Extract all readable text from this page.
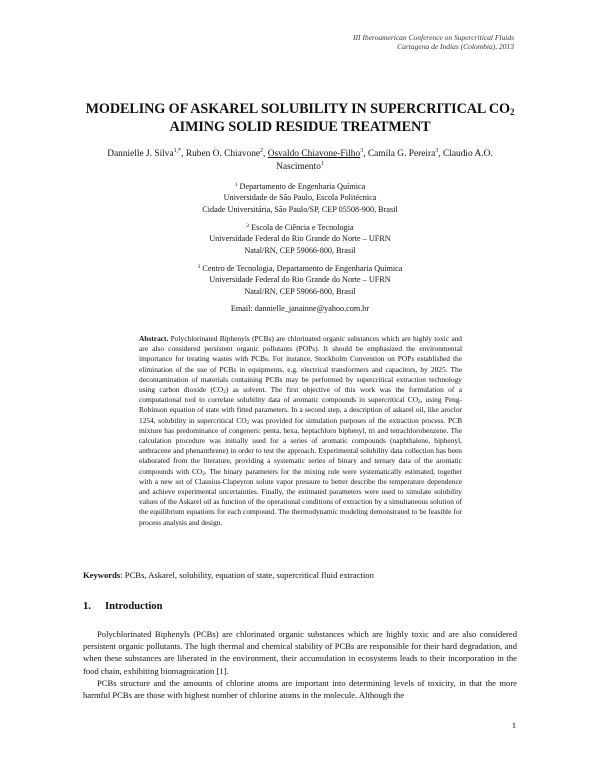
III Iberoamerican Conference on Supercritical Fluids
Cartagena de Indias (Colombia), 2013
MODELING OF ASKAREL SOLUBILITY IN SUPERCRITICAL $CO_2$
AIMING SOLID RESIDUE TREATMENT
Dannielle J. Silva$^{1,*}$, Ruben O. Chiavone$^2$, Osvaldo Chiavone-Filho$^3$, Camila G. Pereira$^3$, Claudio A.O.
Nascimento$^1$
$^1$ Departamento de Engenharia Química
Universidade de São Paulo, Escola Politécnica
Cidade Universitária, São Paulo/SP, CEP 05508-900, Brasil
$^2$ Escola de Ciência e Tecnologia
Universidade Federal do Rio Grande do Norte – UFRN
Natal/RN, CEP 59066-800, Brasil
$^3$ Centro de Tecnologia, Departamento de Engenharia Química
Universidade Federal do Rio Grande do Norte – UFRN
Natal/RN, CEP 59066-800, Brasil
Email: dannielle_janainne@yahoo.com.br
Abstract. Polychlorinated Biphenyls (PCBs) are chlorinated organic substances which are highly toxic and are also considered persistent organic pollutants (POPs). It should be emphasized the environmental importance for treating wastes with PCBs. For instance, Stockholm Convention on POPs established the elimination of the use of PCBs in equipments, e.g. electrical transformers and capacitors, by 2025. The decontamination of materials containing PCBs may be performed by supercritical extraction technology using carbon dioxide $(CO_2)$ as solvent. The first objective of this work was the formulation of a computational tool to correlate solubility data of aromatic compounds in supercritical $CO_2$, using Peng-Robinson equation of state with fitted parameters. In a second step, a description of askarel oil, like aroclor 1254, solubility in supercritical $CO_2$ was provided for simulation purposes of the extraction process. PCB mixture has predominance of congeners: penta, hexa, heptachloro biphenyl, tri and tetrachlorobenzene. The calculation procedure was initially used for a series of aromatic compounds (naphthalene, biphenyl, anthracene and phenanthrene) in order to test the approach. Experimental solubility data collection has been elaborated from the literature, providing a systematic series of binary and ternary data of the aromatic compounds with $CO_2$. The binary parameters for the mixing rule were systematically estimated, together with a new set of Clausius-Clapeyron solute vapor pressure to better describe the temperature dependence and achieve experimental uncertainties. Finally, the estimated parameters were used to simulate solubility values of the Askarel oil as function of the operational conditions of extraction by a simultaneous solution of the equilibrium equations for each compound. The thermodynamic modeling demonstrated to be feasible for process analysis and design.
Keywords: PCBs, Askarel, solubility, equation of state, supercritical fluid extraction
1. Introduction

Polychlorinated Biphenyls (PCBs) are chlorinated organic substances which are highly toxic and are also considered persistent organic pollutants. The high thermal and chemical stability of PCBs are responsible for their hard degradation, and when these substances are liberated in the environment, their accumulation in ecosystems leads to their incorporation in the food chain, exhibiting biomagnication [1].

PCBs structure and the amounts of chlorine atoms are important into determining levels of toxicity, in that the more harmful PCBs are those with highest number of chlorine atoms in the molecule. Although the

1
